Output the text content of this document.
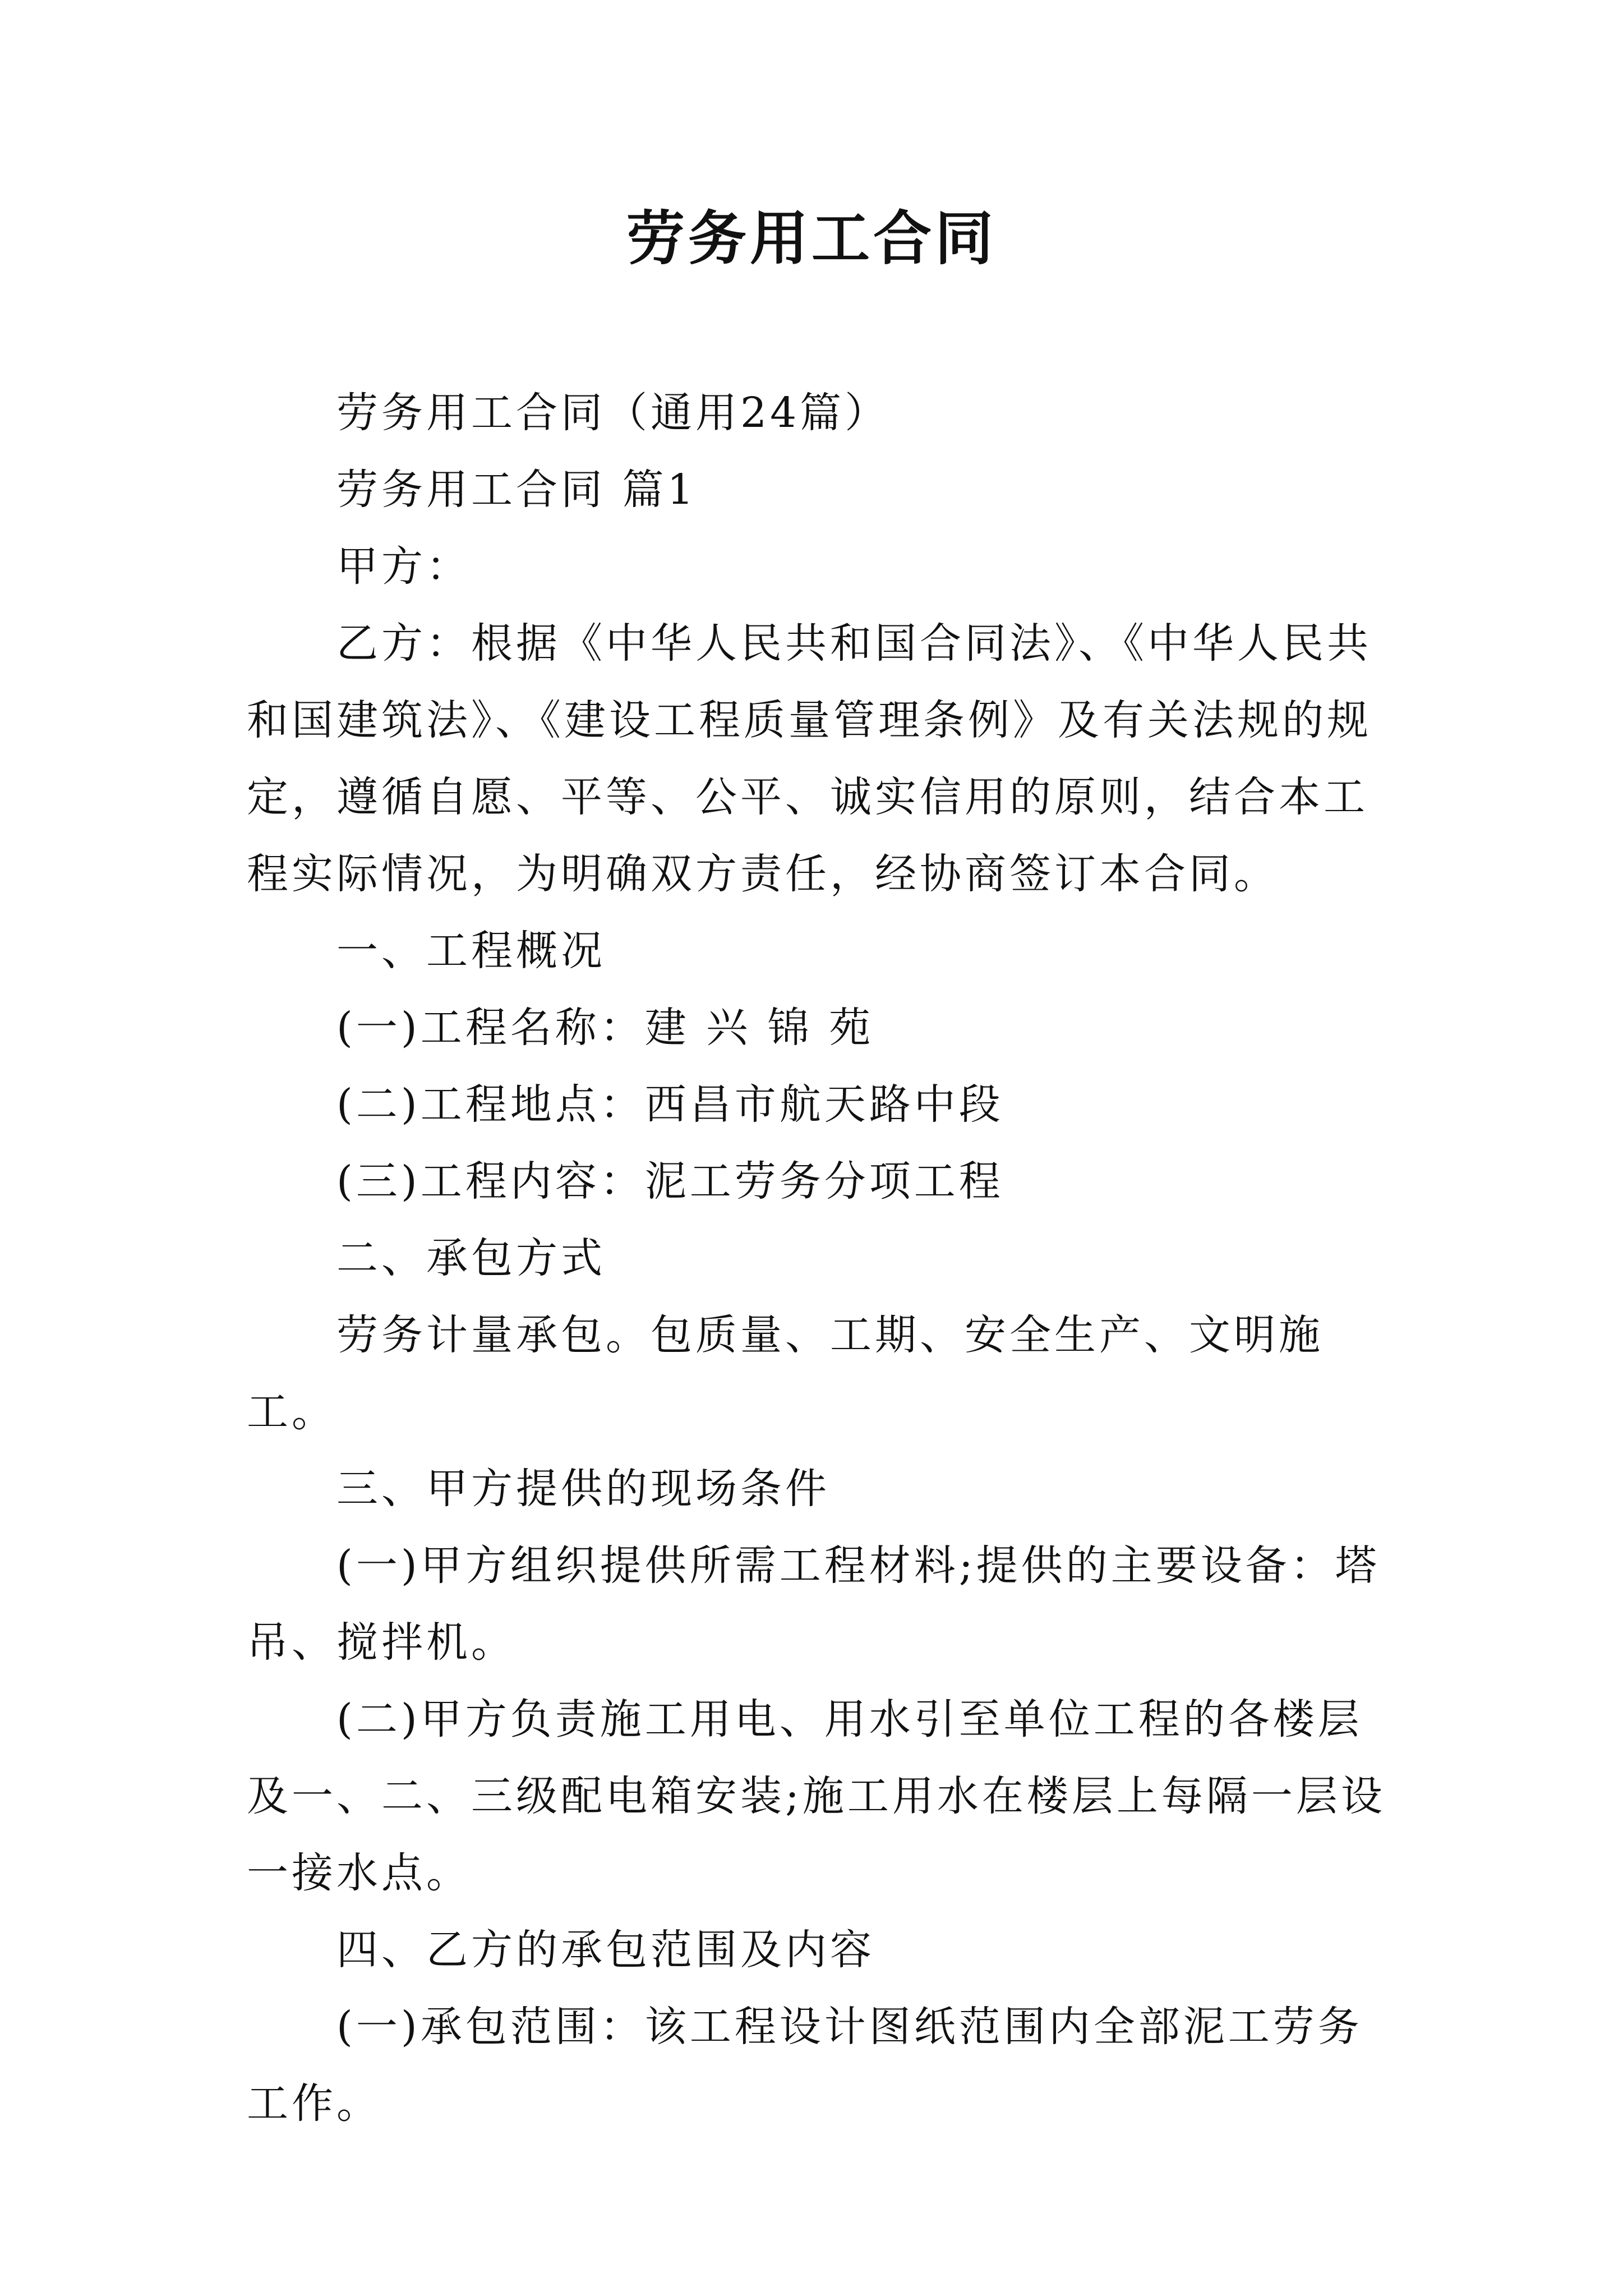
劳务用工合同

劳务用工合同（通用24篇）

劳务用工合同 篇1

甲方：

乙方：根据《中华人民共和国合同法》、《中华人民共和国建筑法》、《建设工程质量管理条例》及有关法规的规定，遵循自愿、平等、公平、诚实信用的原则，结合本工程实际情况，为明确双方责任，经协商签订本合同。

一、工程概况

(一)工程名称：建 兴 锦 苑

(二)工程地点：西昌市航天路中段

(三)工程内容：泥工劳务分项工程

二、承包方式

劳务计量承包。包质量、工期、安全生产、文明施工。

三、甲方提供的现场条件

(一)甲方组织提供所需工程材料;提供的主要设备：塔吊、搅拌机。

(二)甲方负责施工用电、用水引至单位工程的各楼层及一、二、三级配电箱安装;施工用水在楼层上每隔一层设一接水点。

四、乙方的承包范围及内容

(一)承包范围：该工程设计图纸范围内全部泥工劳务工作。
